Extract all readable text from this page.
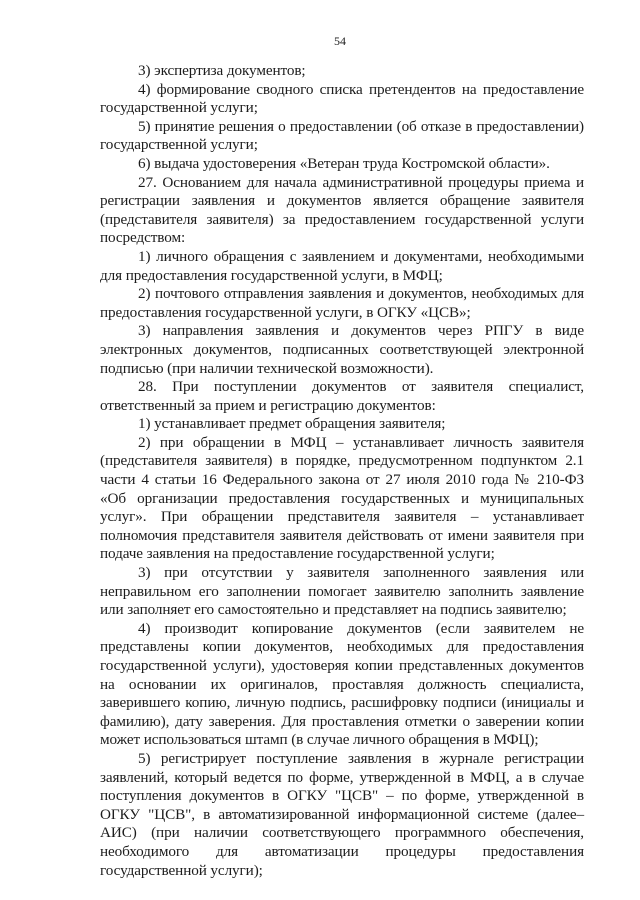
54

3) экспертиза документов;

4) формирование сводного списка претендентов на предоставление государственной услуги;

5) принятие решения о предоставлении (об отказе в предоставлении) государственной услуги;

6) выдача удостоверения «Ветеран труда Костромской области».

27. Основанием для начала административной процедуры приема и регистрации заявления и документов является обращение заявителя (представителя заявителя) за предоставлением государственной услуги посредством:

1) личного обращения с заявлением и документами, необходимыми для предоставления государственной услуги, в МФЦ;

2) почтового отправления заявления и документов, необходимых для предоставления государственной услуги, в ОГКУ «ЦСВ»;

3) направления заявления и документов через РПГУ в виде электронных документов, подписанных соответствующей электронной подписью (при наличии технической возможности).

28. При поступлении документов от заявителя специалист, ответственный за прием и регистрацию документов:

1) устанавливает предмет обращения заявителя;

2) при обращении в МФЦ – устанавливает личность заявителя (представителя заявителя) в порядке, предусмотренном подпунктом 2.1 части 4 статьи 16 Федерального закона от 27 июля 2010 года № 210-ФЗ «Об организации предоставления государственных и муниципальных услуг». При обращении представителя заявителя – устанавливает полномочия представителя заявителя действовать от имени заявителя при подаче заявления на предоставление государственной услуги;

3) при отсутствии у заявителя заполненного заявления или неправильном его заполнении помогает заявителю заполнить заявление или заполняет его самостоятельно и представляет на подпись заявителю;

4) производит копирование документов (если заявителем не представлены копии документов, необходимых для предоставления государственной услуги), удостоверяя копии представленных документов на основании их оригиналов, проставляя должность специалиста, заверившего копию, личную подпись, расшифровку подписи (инициалы и фамилию), дату заверения. Для проставления отметки о заверении копии может использоваться штамп (в случае личного обращения в МФЦ);

5) регистрирует поступление заявления в журнале регистрации заявлений, который ведется по форме, утвержденной в МФЦ, а в случае поступления документов в ОГКУ "ЦСВ" – по форме, утвержденной в ОГКУ "ЦСВ", в автоматизированной информационной системе (далее– АИС) (при наличии соответствующего программного обеспечения, необходимого для автоматизации процедуры предоставления государственной услуги);
